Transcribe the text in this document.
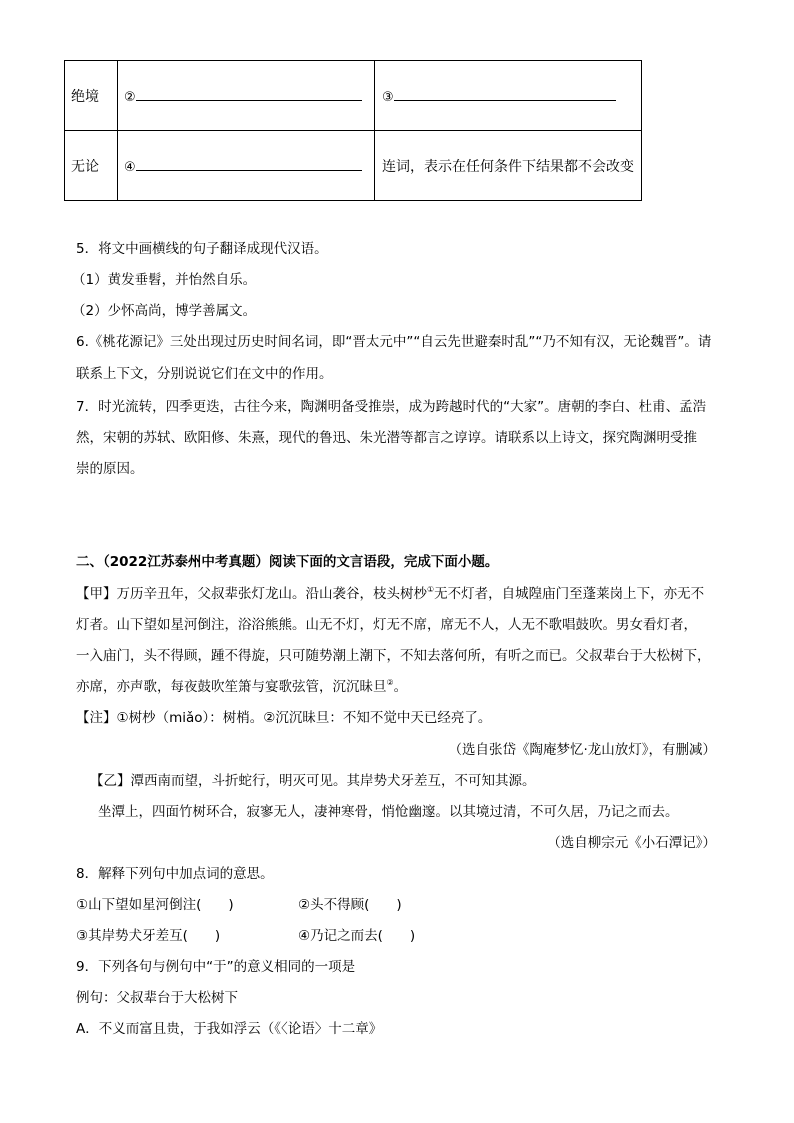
绝境	②	③
无论	④	连词，表示在任何条件下结果都不会改变
5．将文中画横线的句子翻译成现代汉语。
（1）黄发垂髫，并怡然自乐。
（2）少怀高尚，博学善属文。
6.《桃花源记》三处出现过历史时间名词，即“晋太元中”“自云先世避秦时乱”“乃不知有汉，无论魏晋”。请
联系上下文，分别说说它们在文中的作用。
7．时光流转，四季更迭，古往今来，陶渊明备受推崇，成为跨越时代的“大家”。唐朝的李白、杜甫、孟浩
然，宋朝的苏轼、欧阳修、朱熹，现代的鲁迅、朱光潜等都言之谆谆。请联系以上诗文，探究陶渊明受推
崇的原因。
二、（2022江苏泰州中考真题）阅读下面的文言语段，完成下面小题。
【甲】万历辛丑年，父叔辈张灯龙山。沿山袭谷，枝头树杪①无不灯者，自城隍庙门至蓬莱岗上下，亦无不
灯者。山下望如星河倒注，浴浴熊熊。山无不灯，灯无不席，席无不人，人无不歌唱鼓吹。男女看灯者，
一入庙门，头不得顾，踵不得旋，只可随势潮上潮下，不知去落何所，有听之而已。父叔辈台于大松树下，
亦席，亦声歌，每夜鼓吹笙箫与宴歌弦管，沉沉昧旦②。
【注】①树杪（miǎo）：树梢。②沉沉昧旦：不知不觉中天已经亮了。
（选自张岱《陶庵梦忆·龙山放灯》，有删减）
【乙】潭西南而望，斗折蛇行，明灭可见。其岸势犬牙差互，不可知其源。
坐潭上，四面竹树环合，寂寥无人，凄神寒骨，悄怆幽邃。以其境过清，不可久居，乃记之而去。
（选自柳宗元《小石潭记》）
8．解释下列句中加点词的意思。
①山下望如星河倒注(　　)	②头不得顾(　　)
③其岸势犬牙差互(　　)	④乃记之而去(　　)
9．下列各句与例句中“于”的意义相同的一项是
例句：父叔辈台于大松树下
A．不义而富且贵，于我如浮云（《〈论语〉十二章》
